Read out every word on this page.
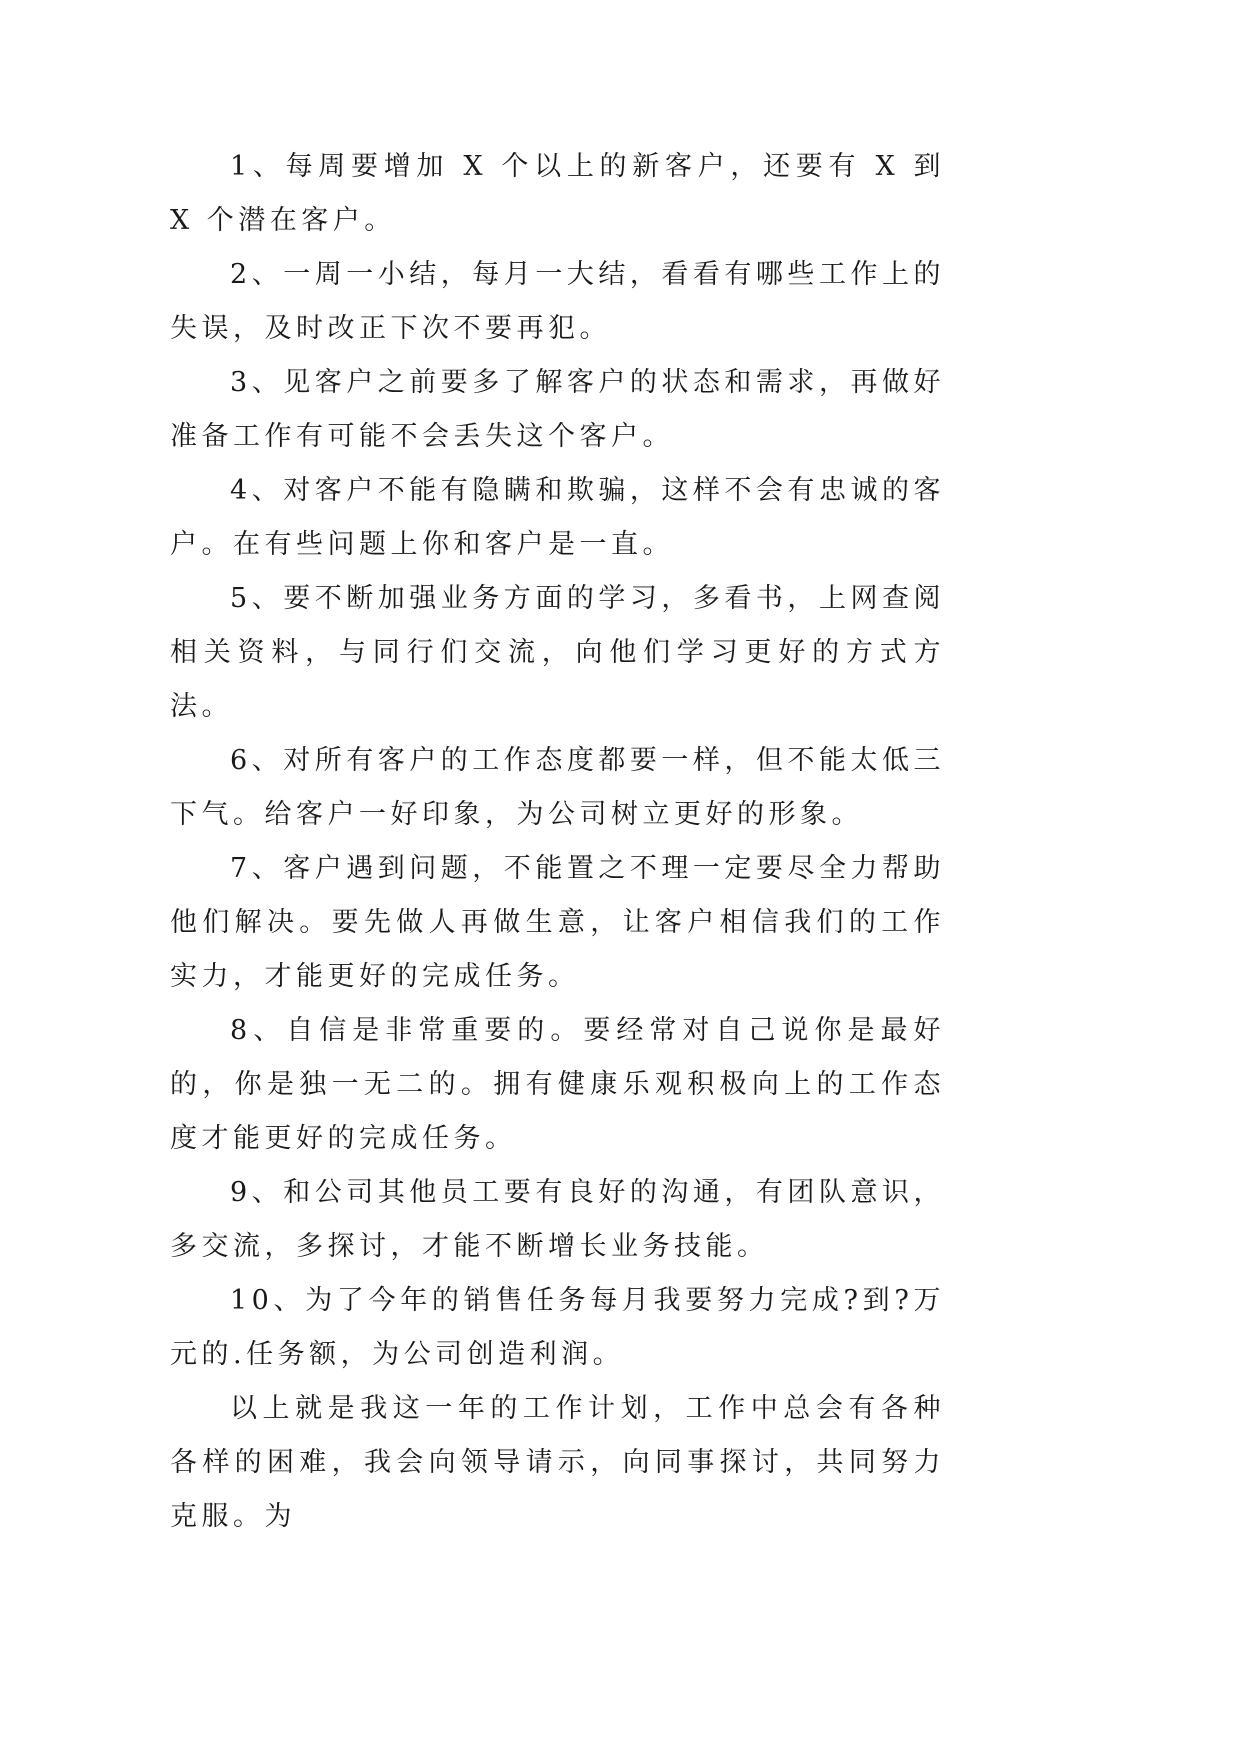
1、每周要增加 X 个以上的新客户，还要有 X 到 X 个潜在客户。

2、一周一小结，每月一大结，看看有哪些工作上的失误，及时改正下次不要再犯。

3、见客户之前要多了解客户的状态和需求，再做好准备工作有可能不会丢失这个客户。

4、对客户不能有隐瞒和欺骗，这样不会有忠诚的客户。在有些问题上你和客户是一直。

5、要不断加强业务方面的学习，多看书，上网查阅相关资料，与同行们交流，向他们学习更好的方式方法。

6、对所有客户的工作态度都要一样，但不能太低三下气。给客户一好印象，为公司树立更好的形象。

7、客户遇到问题，不能置之不理一定要尽全力帮助他们解决。要先做人再做生意，让客户相信我们的工作实力，才能更好的完成任务。

8、自信是非常重要的。要经常对自己说你是最好的，你是独一无二的。拥有健康乐观积极向上的工作态度才能更好的完成任务。

9、和公司其他员工要有良好的沟通，有团队意识，多交流，多探讨，才能不断增长业务技能。

10、为了今年的销售任务每月我要努力完成?到?万元的.任务额，为公司创造利润。

以上就是我这一年的工作计划，工作中总会有各种各样的困难，我会向领导请示，向同事探讨，共同努力克服。为
